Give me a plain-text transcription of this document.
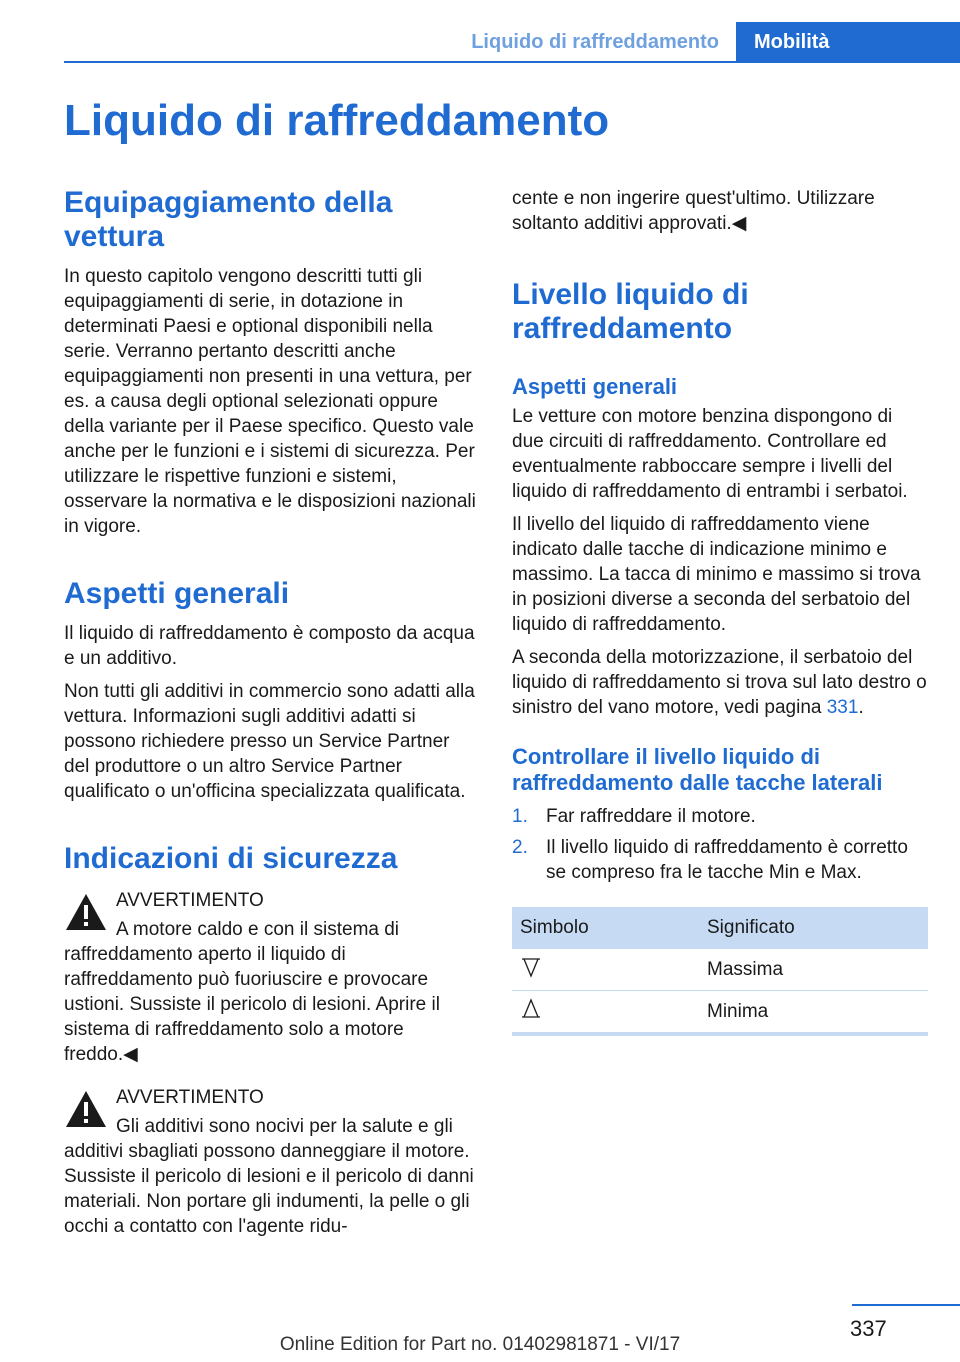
Liquido di raffreddamento	Mobilità
Liquido di raffreddamento
Equipaggiamento della vettura

In questo capitolo vengono descritti tutti gli equipaggiamenti di serie, in dotazione in determinati Paesi e optional disponibili nella serie. Verranno pertanto descritti anche equipaggiamenti non presenti in una vettura, per es. a causa degli optional selezionati oppure della variante per il Paese specifico. Questo vale anche per le funzioni e i sistemi di sicurezza. Per utilizzare le rispettive funzioni e sistemi, osservare la normativa e le disposizioni nazionali in vigore.

Aspetti generali

Il liquido di raffreddamento è composto da acqua e un additivo.

Non tutti gli additivi in commercio sono adatti alla vettura. Informazioni sugli additivi adatti si possono richiedere presso un Service Partner del produttore o un altro Service Partner qualificato o un'officina specializzata qualificata.

Indicazioni di sicurezza
AVVERTIMENTO

A motore caldo e con il sistema di raffreddamento aperto il liquido di raffreddamento può fuoriuscire e provocare ustioni. Sussiste il pericolo di lesioni. Aprire il sistema di raffreddamento solo a motore freddo.◀

AVVERTIMENTO

Gli additivi sono nocivi per la salute e gli additivi sbagliati possono danneggiare il motore. Sussiste il pericolo di lesioni e il pericolo di danni materiali. Non portare gli indumenti, la pelle o gli occhi a contatto con l'agente ridu-

cente e non ingerire quest'ultimo. Utilizzare soltanto additivi approvati.◀

Livello liquido di raffreddamento
Aspetti generali

Le vetture con motore benzina dispongono di due circuiti di raffreddamento. Controllare ed eventualmente rabboccare sempre i livelli del liquido di raffreddamento di entrambi i serbatoi.

Il livello del liquido di raffreddamento viene indicato dalle tacche di indicazione minimo e massimo. La tacca di minimo e massimo si trova in posizioni diverse a seconda del serbatoio del liquido di raffreddamento.

A seconda della motorizzazione, il serbatoio del liquido di raffreddamento si trova sul lato destro o sinistro del vano motore, vedi pagina 331.

Controllare il livello liquido di raffreddamento dalle tacche laterali
1. Far raffreddare il motore.
2. Il livello liquido di raffreddamento è corretto se compreso fra le tacche Min e Max.
Simbolo	Significato
	Massima
	Minima
337
Online Edition for Part no. 01402981871 - VI/17
